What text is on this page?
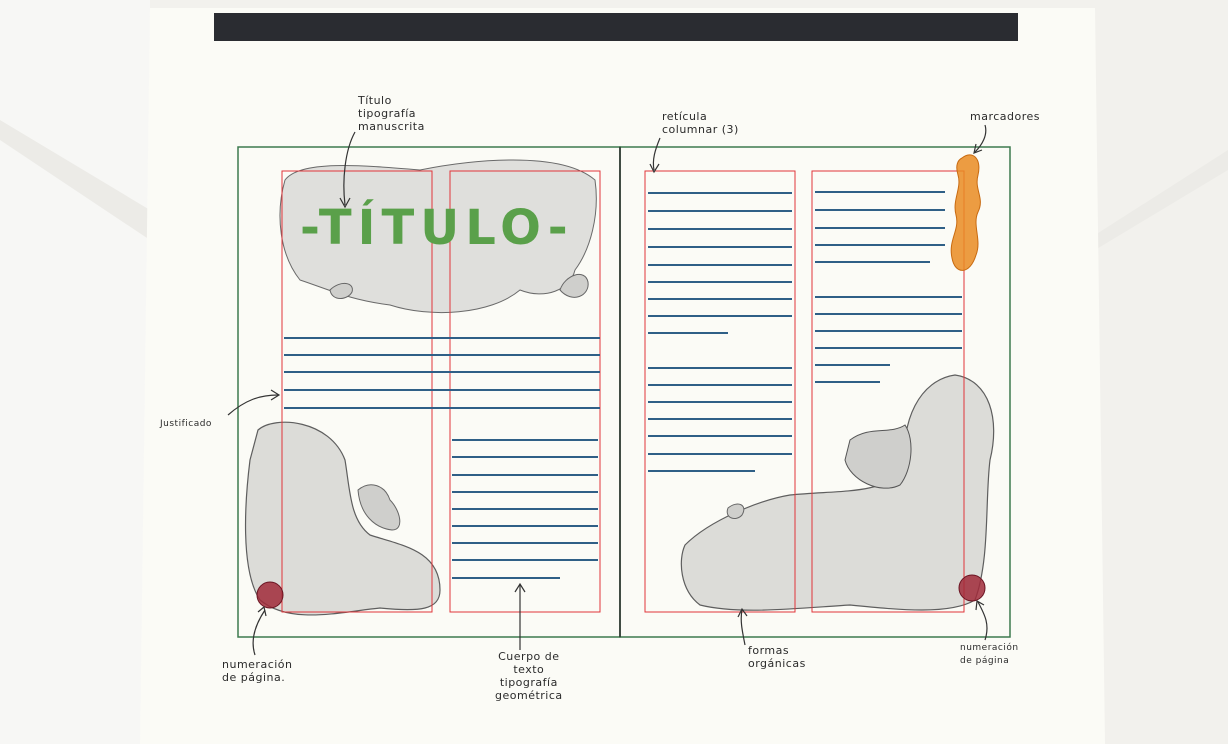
-TÍTULO-
Título
tipografía
manuscrita
retícula
columnar (3)
marcadores
Justificado
numeración
de página.
Cuerpo de
texto
tipografía
geométrica
formas
orgánicas
numeración
de página
